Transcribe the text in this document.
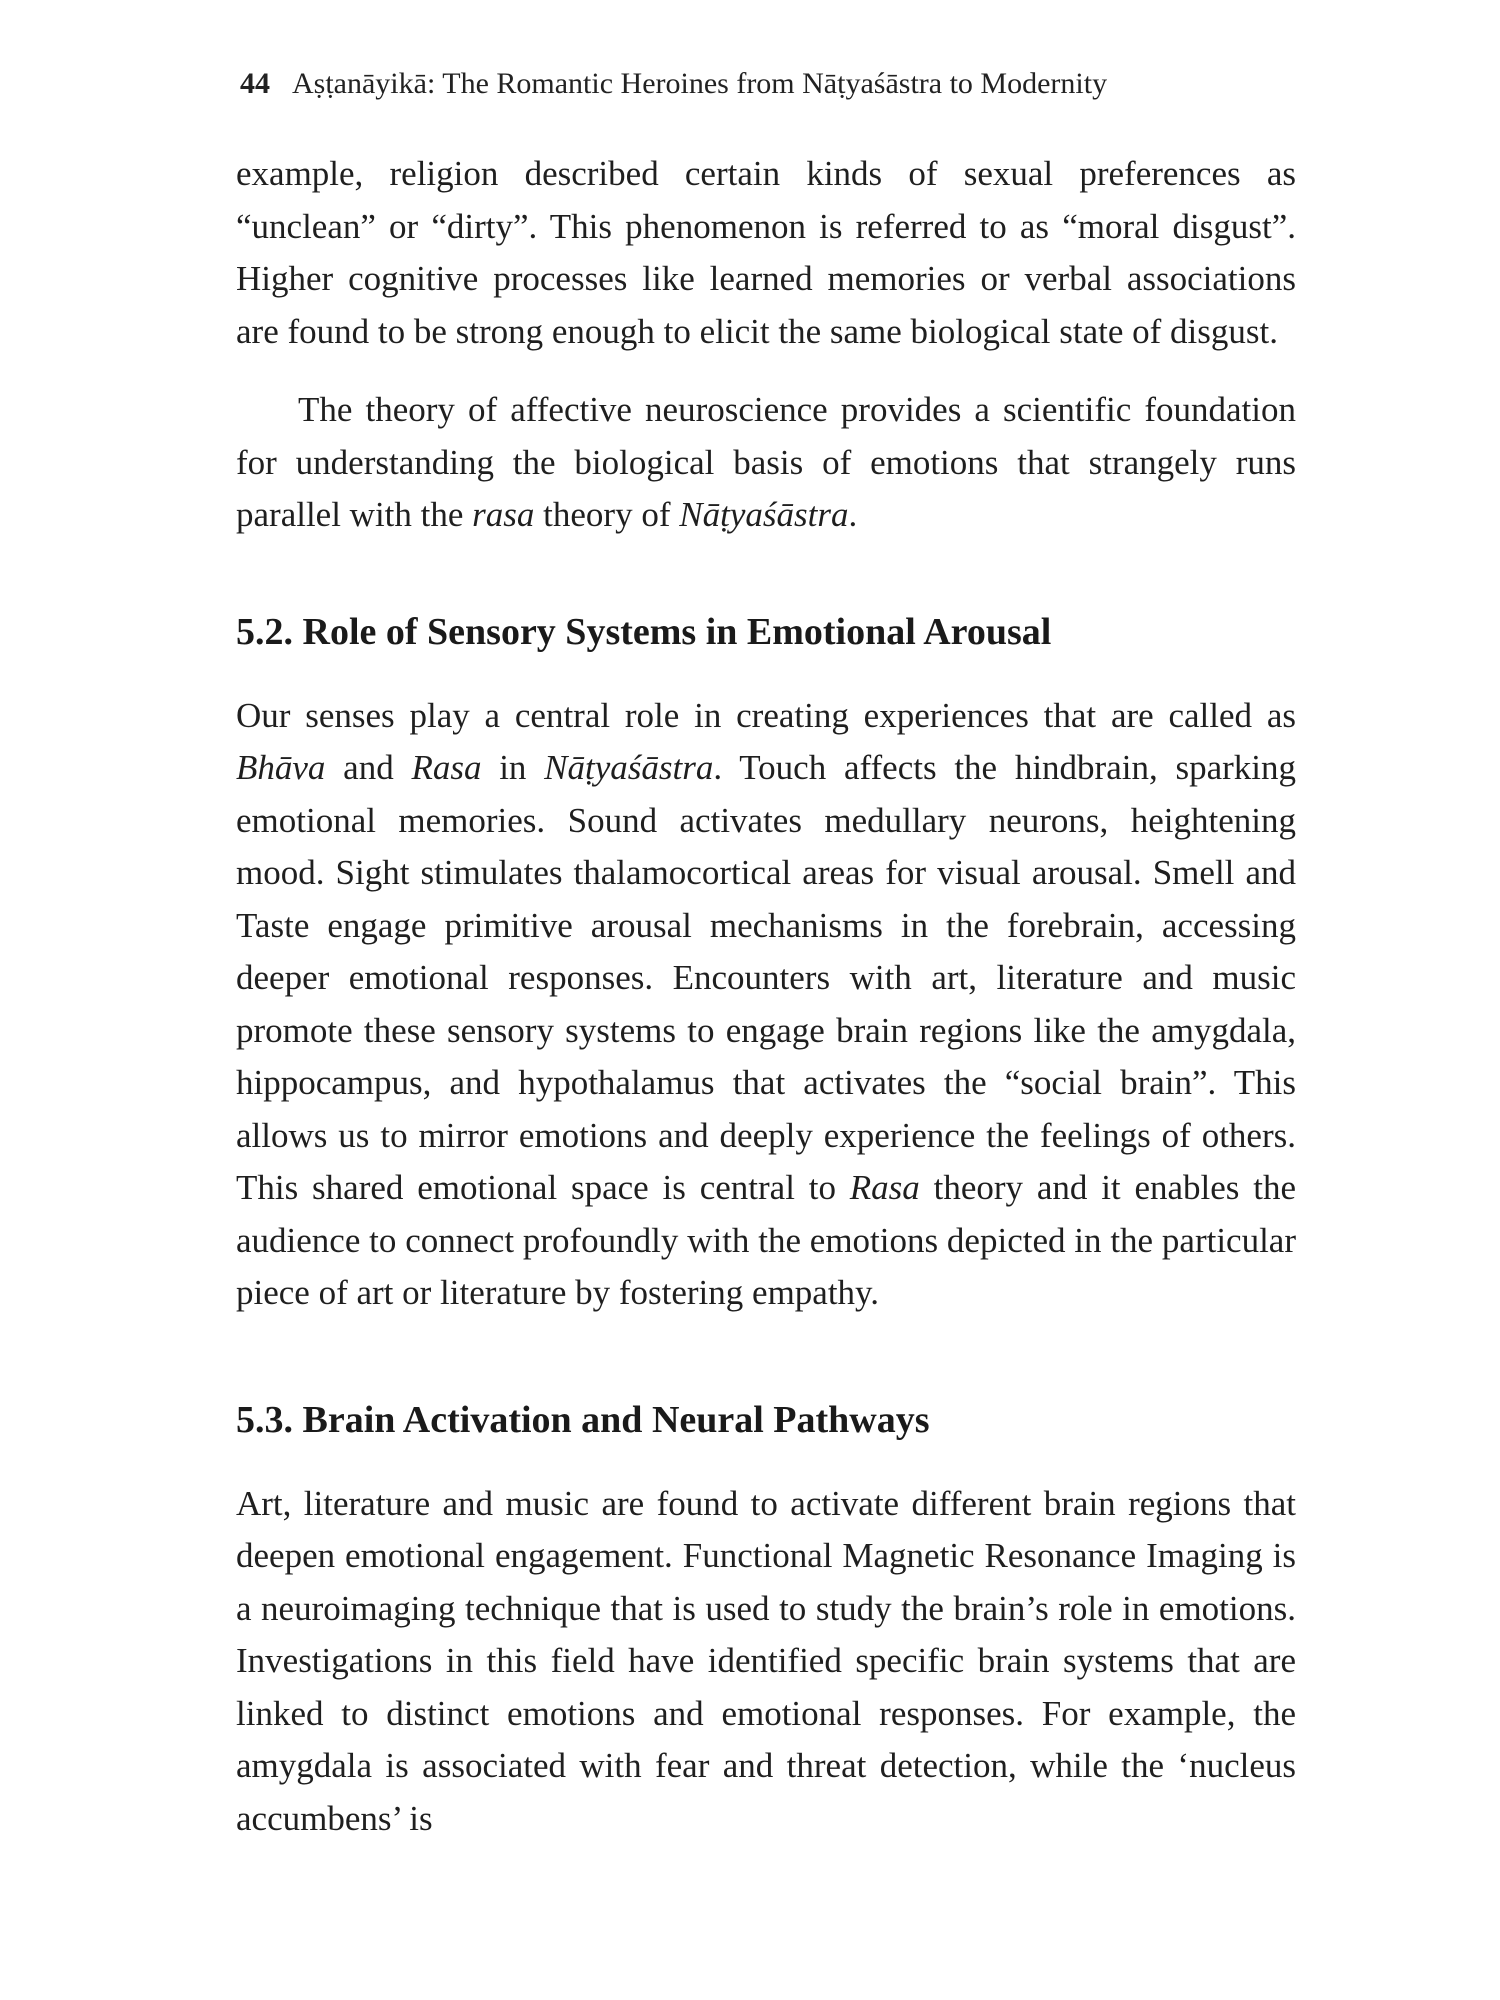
44 Aṣṭanāyikā: The Romantic Heroines from Nāṭyaśāstra to Modernity

example, religion described certain kinds of sexual preferences as “unclean” or “dirty”. This phenomenon is referred to as “moral disgust”. Higher cognitive processes like learned memories or verbal associations are found to be strong enough to elicit the same biological state of disgust.

The theory of affective neuroscience provides a scientific foundation for understanding the biological basis of emotions that strangely runs parallel with the rasa theory of Nāṭyaśāstra.

5.2. Role of Sensory Systems in Emotional Arousal

Our senses play a central role in creating experiences that are called as Bhāva and Rasa in Nāṭyaśāstra. Touch affects the hindbrain, sparking emotional memories. Sound activates medullary neurons, heightening mood. Sight stimulates thalamocortical areas for visual arousal. Smell and Taste engage primitive arousal mechanisms in the forebrain, accessing deeper emotional responses. Encounters with art, literature and music promote these sensory systems to engage brain regions like the amygdala, hippocampus, and hypothalamus that activates the “social brain”. This allows us to mirror emotions and deeply experience the feelings of others. This shared emotional space is central to Rasa theory and it enables the audience to connect profoundly with the emotions depicted in the particular piece of art or literature by fostering empathy.

5.3. Brain Activation and Neural Pathways

Art, literature and music are found to activate different brain regions that deepen emotional engagement. Functional Magnetic Resonance Imaging is a neuroimaging technique that is used to study the brain’s role in emotions. Investigations in this field have identified specific brain systems that are linked to distinct emotions and emotional responses. For example, the amygdala is associated with fear and threat detection, while the ‘nucleus accumbens’ is
